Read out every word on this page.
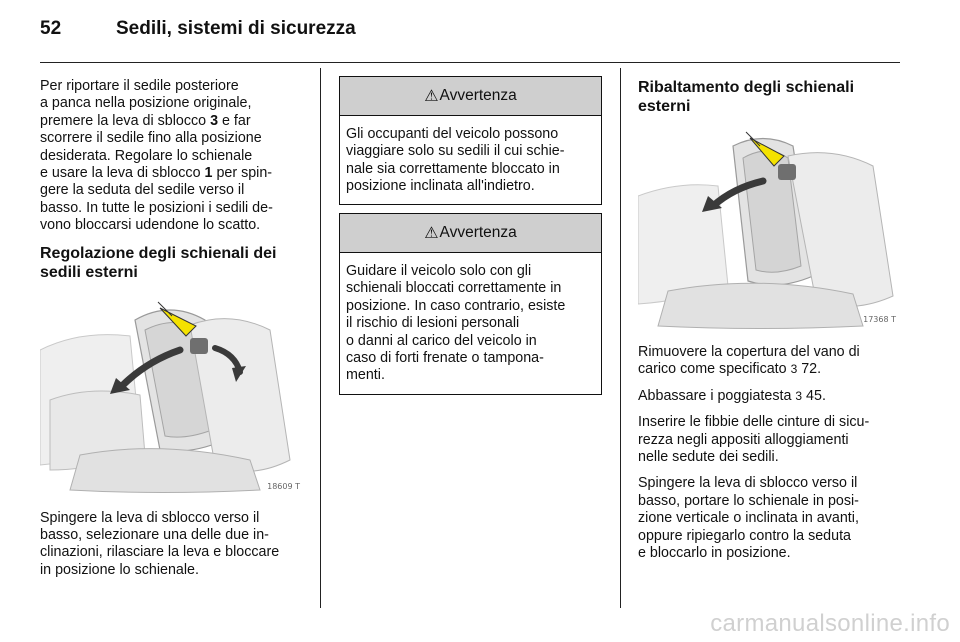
52	Sedili, sistemi di sicurezza

Per riportare il sedile posteriore
a panca nella posizione originale,
premere la leva di sblocco 3 e far
scorrere il sedile fino alla posizione
desiderata. Regolare lo schienale
e usare la leva di sblocco 1 per spin-
gere la seduta del sedile verso il
basso. In tutte le posizioni i sedili de-
vono bloccarsi udendone lo scatto.

Regolazione degli schienali dei
sedili esterni
18609 T

Spingere la leva di sblocco verso il
basso, selezionare una delle due in-
clinazioni, rilasciare la leva e bloccare
in posizione lo schienale.

⚠ Avvertenza
Gli occupanti del veicolo possono
viaggiare solo su sedili il cui schie-
nale sia correttamente bloccato in
posizione inclinata all'indietro.
⚠ Avvertenza
Guidare il veicolo solo con gli
schienali bloccati correttamente in
posizione. In caso contrario, esiste
il rischio di lesioni personali
o danni al carico del veicolo in
caso di forti frenate o tampona-
menti.
Ribaltamento degli schienali
esterni
17368 T

Rimuovere la copertura del vano di
carico come specificato 3 72.

Abbassare i poggiatesta 3 45.

Inserire le fibbie delle cinture di sicu-
rezza negli appositi alloggiamenti
nelle sedute dei sedili.

Spingere la leva di sblocco verso il
basso, portare lo schienale in posi-
zione verticale o inclinata in avanti,
oppure ripiegarlo contro la seduta
e bloccarlo in posizione.

carmanualsonline.info
